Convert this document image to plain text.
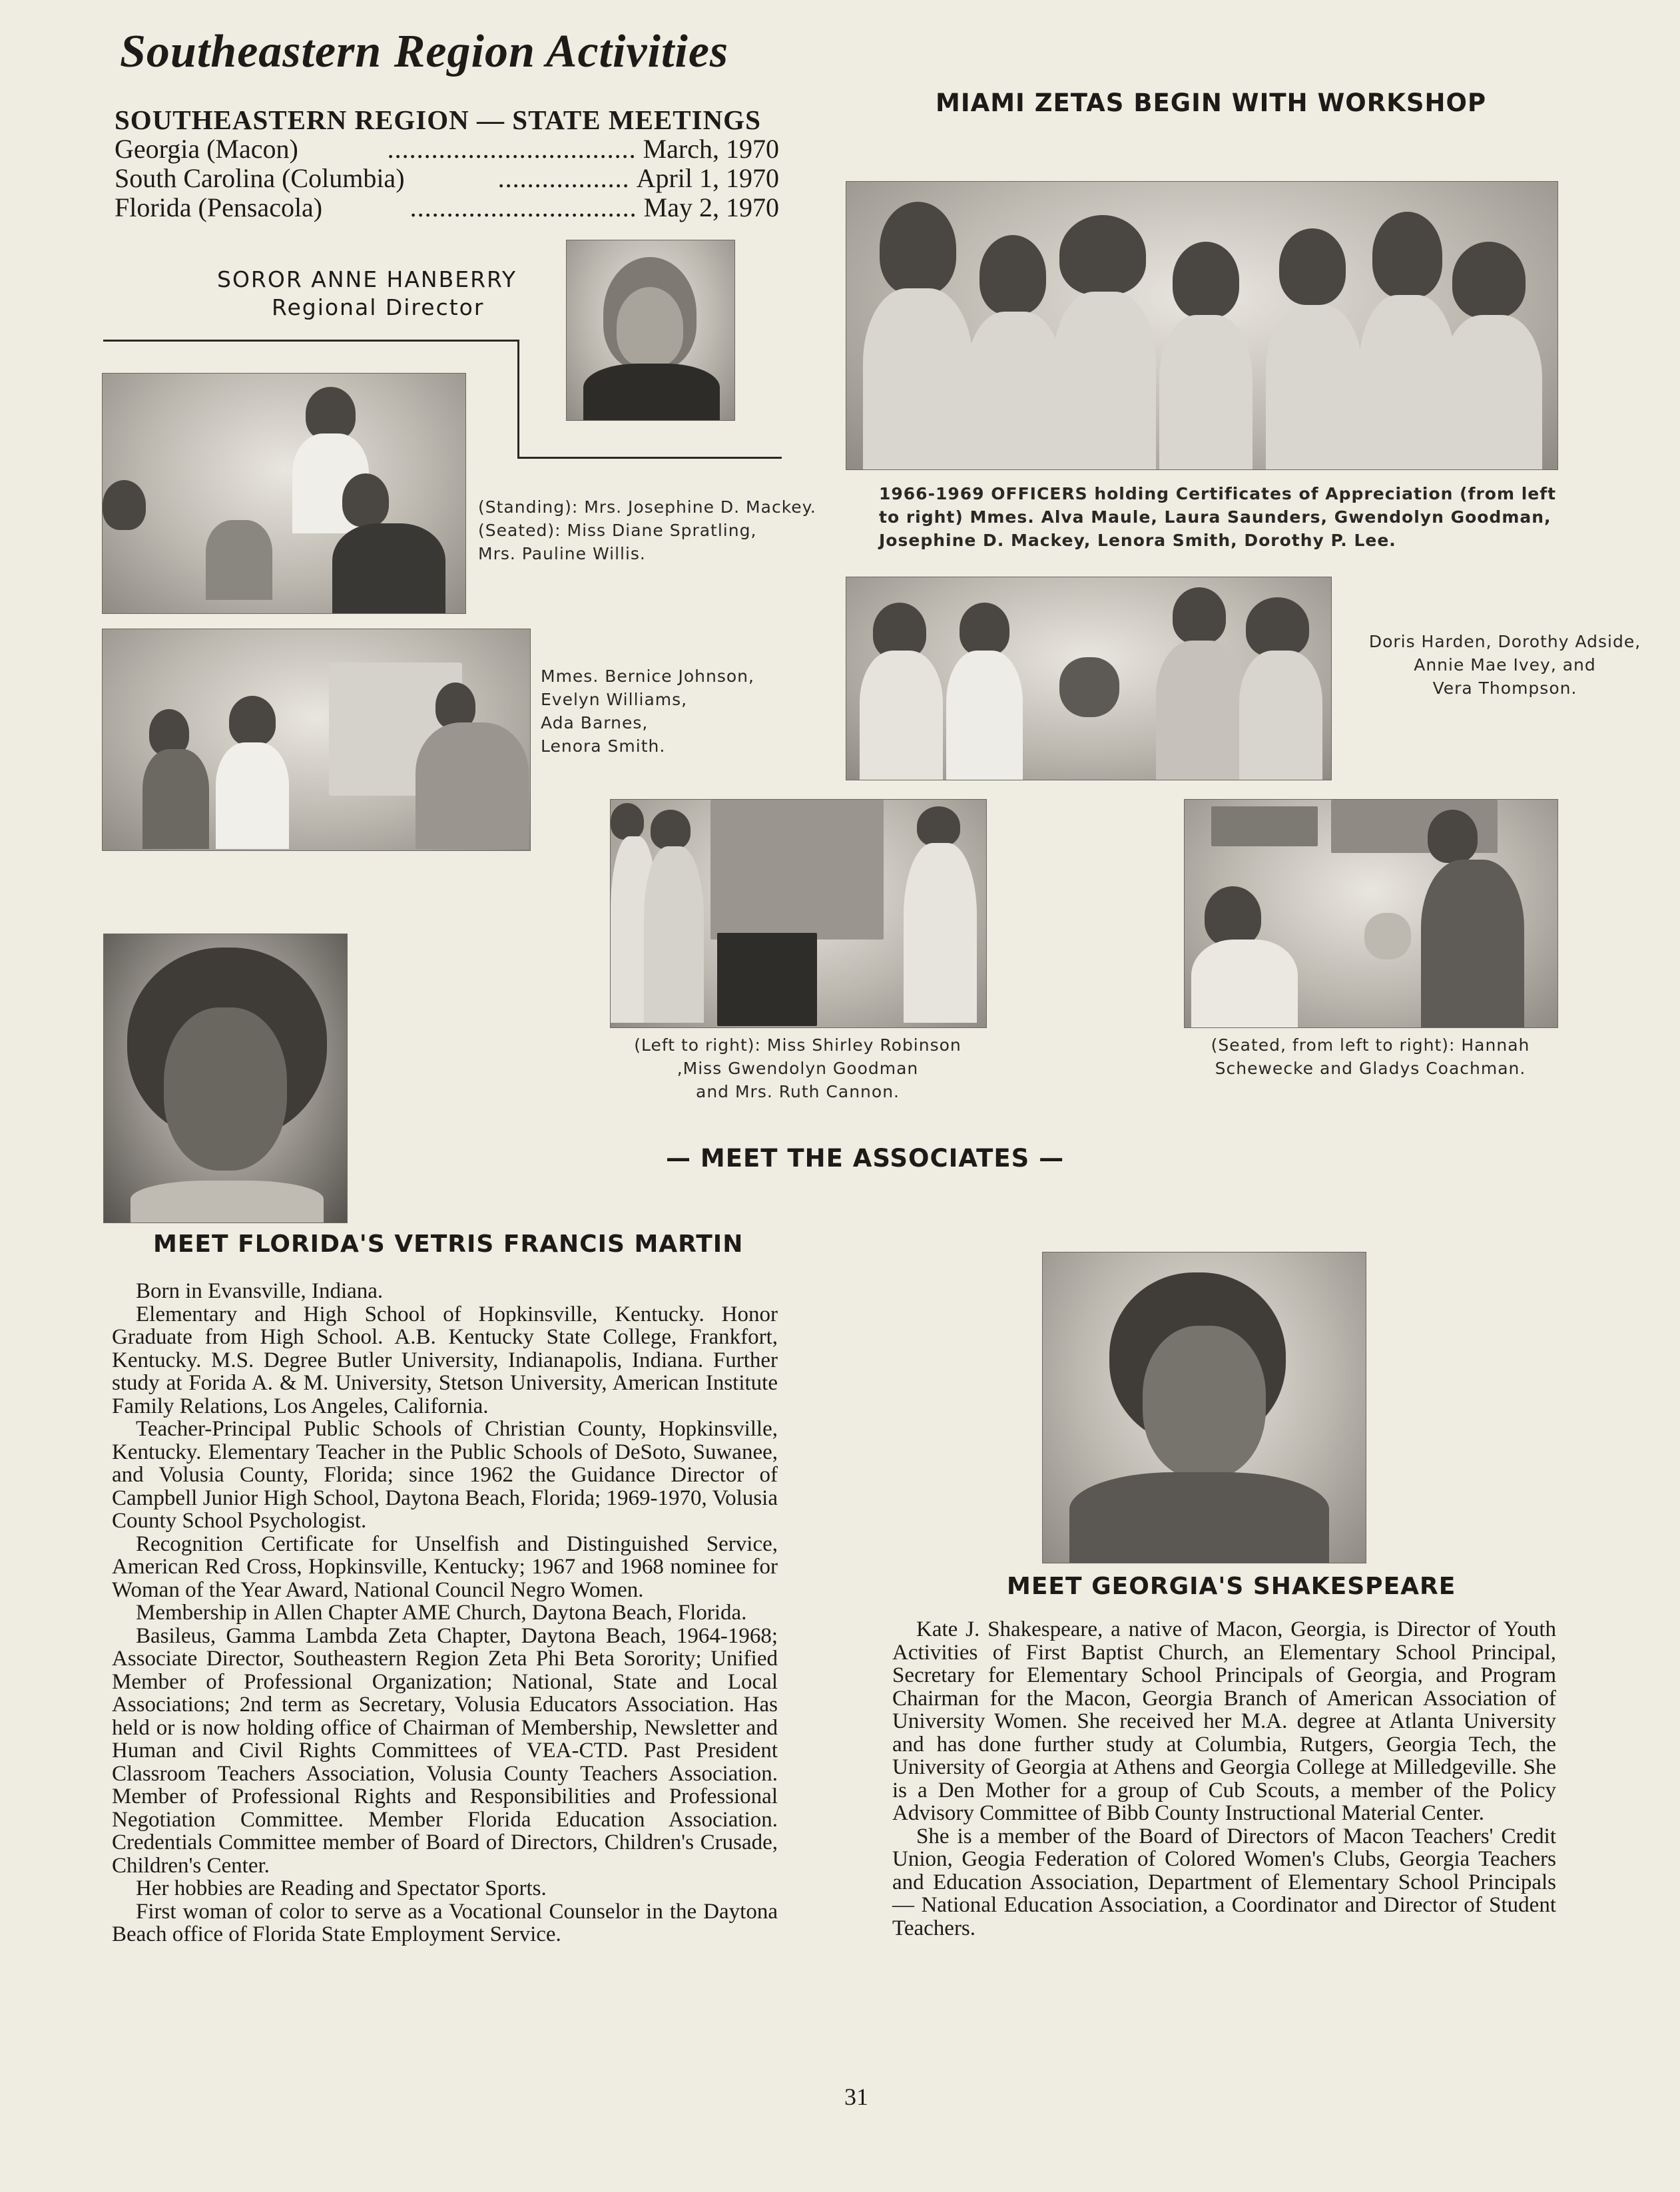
Southeastern Region Activities
SOUTHEASTERN REGION — STATE MEETINGS
Georgia (Macon)	.................................. March, 1970
South Carolina (Columbia)	.................. April 1, 1970
Florida (Pensacola)	............................... May 2, 1970
SOROR ANNE HANBERRY
Regional Director
MIAMI ZETAS BEGIN WITH WORKSHOP
1966-1969 OFFICERS holding Certificates of Appreciation (from left
to right) Mmes. Alva Maule, Laura Saunders, Gwendolyn Goodman,
Josephine D. Mackey, Lenora Smith, Dorothy P. Lee.
(Standing): Mrs. Josephine D. Mackey.
(Seated): Miss Diane Spratling,
Mrs. Pauline Willis.
Mmes. Bernice Johnson,
Evelyn Williams,
Ada Barnes,
Lenora Smith.
Doris Harden, Dorothy Adside,
Annie Mae Ivey, and
Vera Thompson.
(Left to right): Miss Shirley Robinson
,Miss Gwendolyn Goodman
and Mrs. Ruth Cannon.
(Seated, from left to right): Hannah
Schewecke and Gladys Coachman.
— MEET THE ASSOCIATES —
MEET FLORIDA'S VETRIS FRANCIS MARTIN

Born in Evansville, Indiana.

Elementary and High School of Hopkinsville, Kentucky. Honor Graduate from High School. A.B. Kentucky State College, Frankfort, Kentucky. M.S. Degree Butler University, Indianapolis, Indiana. Further study at Forida A. & M. University, Stetson University, American Institute Family Relations, Los Angeles, California.

Teacher-Principal Public Schools of Christian County, Hopkinsville, Kentucky. Elementary Teacher in the Public Schools of DeSoto, Suwanee, and Volusia County, Florida; since 1962 the Guidance Director of Campbell Junior High School, Daytona Beach, Florida; 1969-1970, Volusia County School Psychologist.

Recognition Certificate for Unselfish and Distinguished Service, American Red Cross, Hopkinsville, Kentucky; 1967 and 1968 nominee for Woman of the Year Award, National Council Negro Women.

Membership in Allen Chapter AME Church, Daytona Beach, Florida.

Basileus, Gamma Lambda Zeta Chapter, Daytona Beach, 1964-1968; Associate Director, Southeastern Region Zeta Phi Beta Sorority; Unified Member of Professional Organization; National, State and Local Associations; 2nd term as Secretary, Volusia Educators Association. Has held or is now holding office of Chairman of Membership, Newsletter and Human and Civil Rights Committees of VEA-CTD. Past President Classroom Teachers Association, Volusia County Teachers Association. Member of Professional Rights and Responsibilities and Professional Negotiation Committee. Member Florida Education Association. Credentials Committee member of Board of Directors, Children's Crusade, Children's Center.

Her hobbies are Reading and Spectator Sports.

First woman of color to serve as a Vocational Counselor in the Daytona Beach office of Florida State Employment Service.

MEET GEORGIA'S SHAKESPEARE

Kate J. Shakespeare, a native of Macon, Georgia, is Director of Youth Activities of First Baptist Church, an Elementary School Principal, Secretary for Elementary School Principals of Georgia, and Program Chairman for the Macon, Georgia Branch of American Association of University Women. She received her M.A. degree at Atlanta University and has done further study at Columbia, Rutgers, Georgia Tech, the University of Georgia at Athens and Georgia College at Milledgeville. She is a Den Mother for a group of Cub Scouts, a member of the Policy Advisory Committee of Bibb County Instructional Material Center.

She is a member of the Board of Directors of Macon Teachers' Credit Union, Geogia Federation of Colored Women's Clubs, Georgia Teachers and Education Association, Department of Elementary School Principals — National Education Association, a Coordinator and Director of Student Teachers.

31
